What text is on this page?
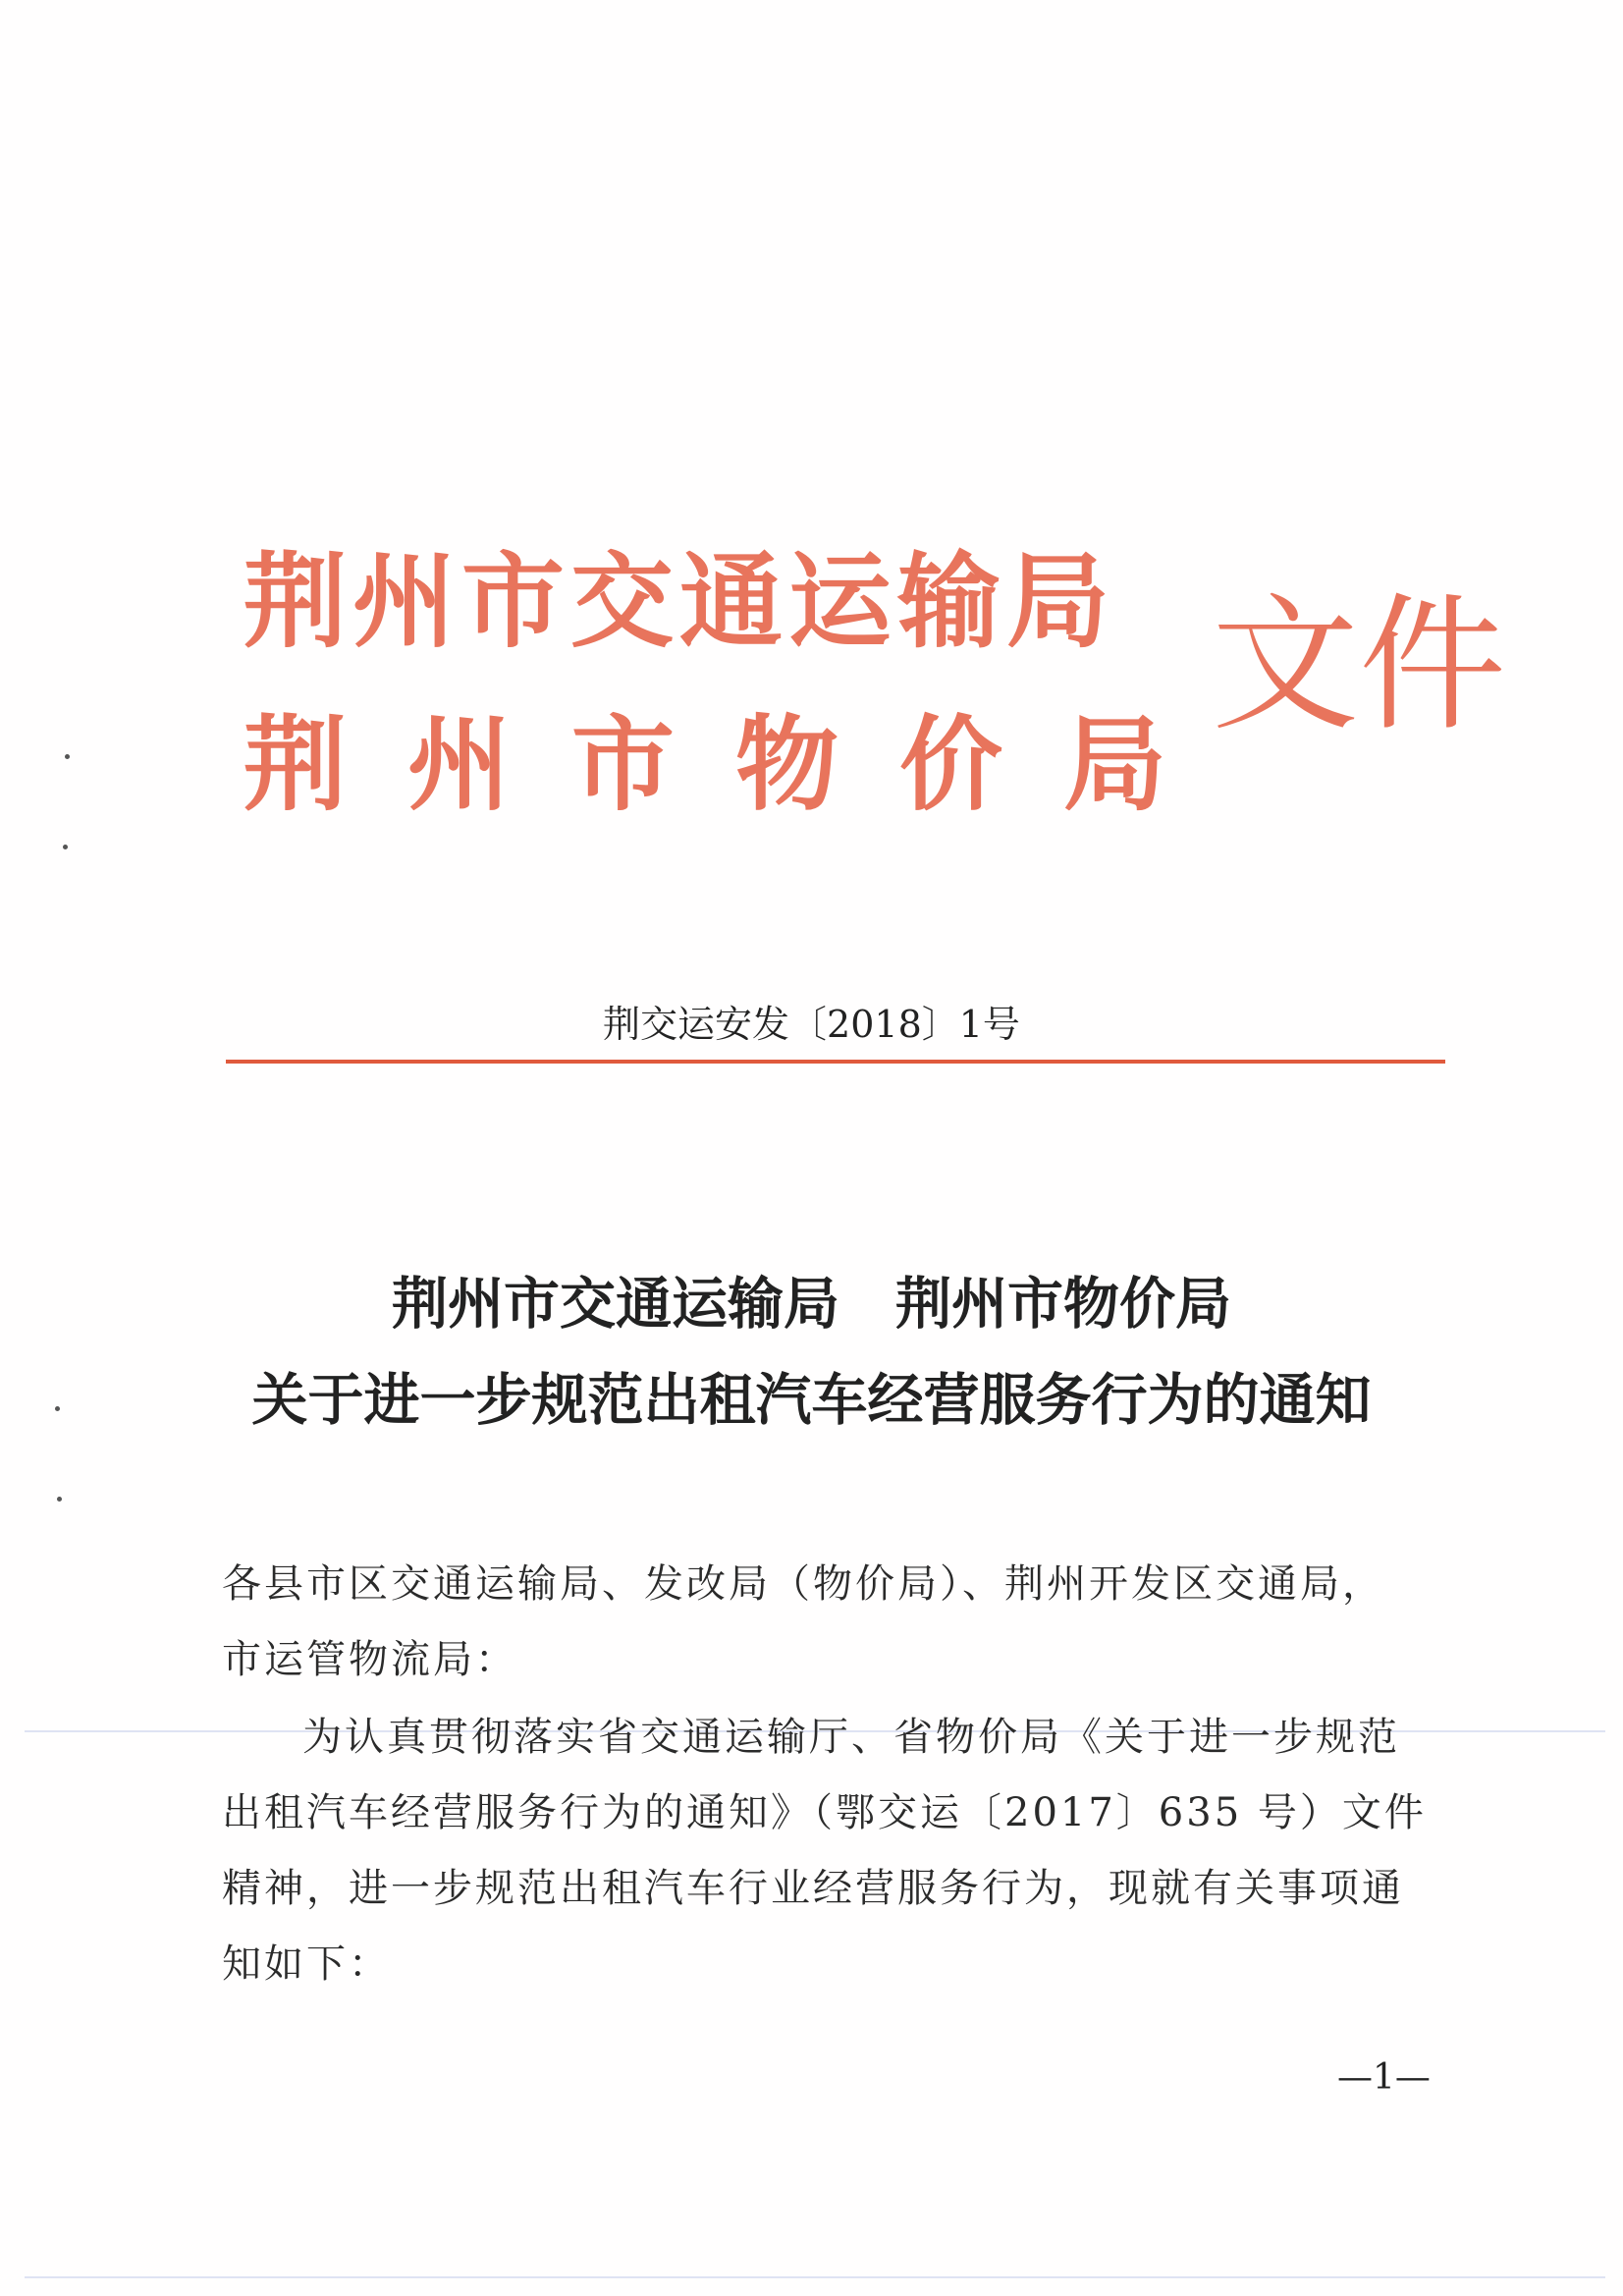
荆州市交通运输局
荆州市物价局
文件
荆交运安发〔2018〕1号
荆州市交通运输局　荆州市物价局
关于进一步规范出租汽车经营服务行为的通知
各县市区交通运输局、发改局（物价局）、荆州开发区交通局，
市运管物流局：
为认真贯彻落实省交通运输厅、省物价局《关于进一步规范
出租汽车经营服务行为的通知》（鄂交运〔2017〕635 号）文件
精神，进一步规范出租汽车行业经营服务行为，现就有关事项通
知如下：
—1—
